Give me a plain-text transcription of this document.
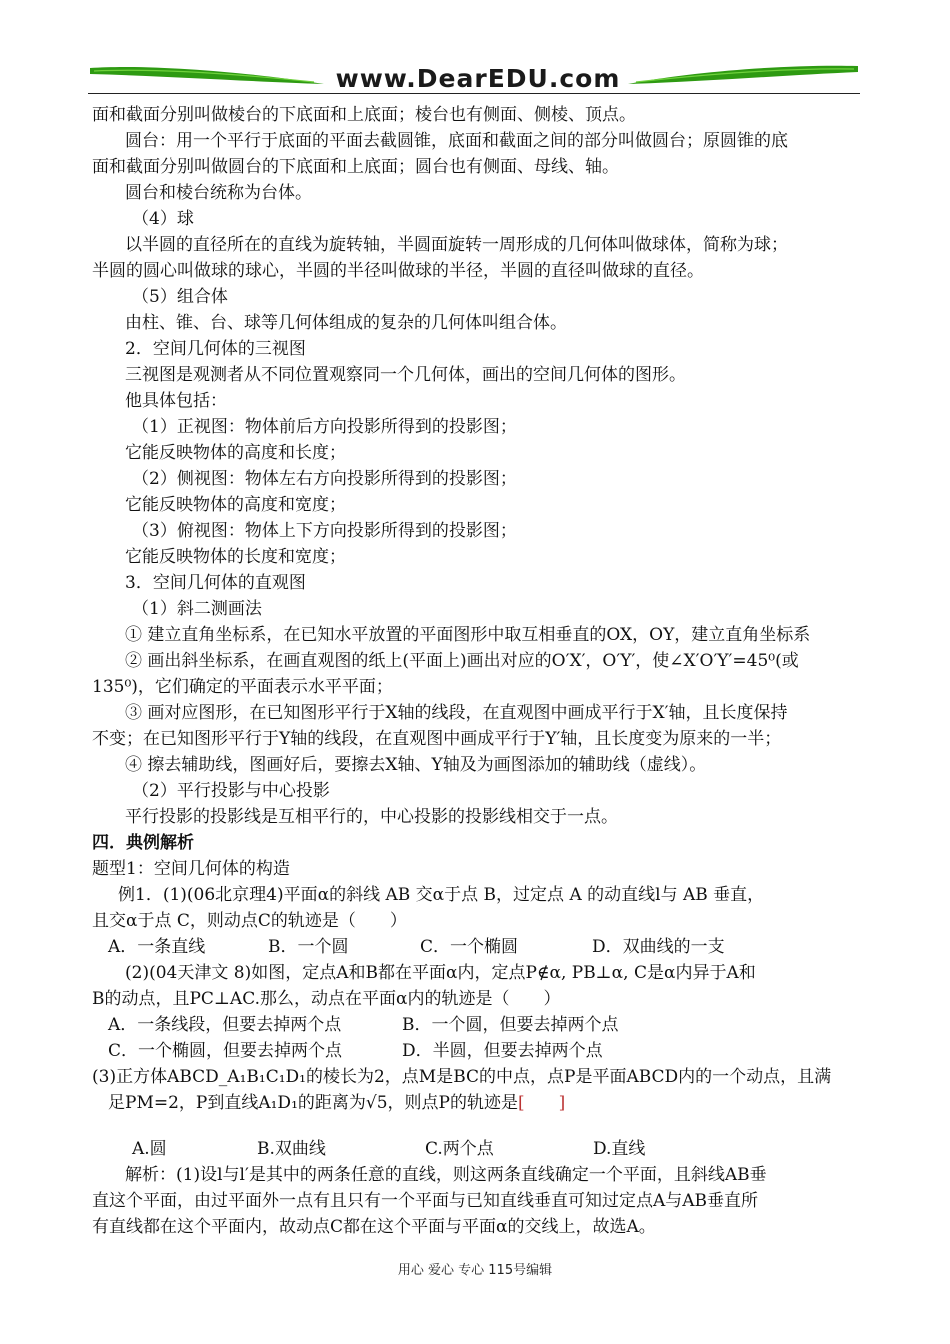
www.DearEDU.com
面和截面分别叫做棱台的下底面和上底面；棱台也有侧面、侧棱、顶点。
圆台：用一个平行于底面的平面去截圆锥，底面和截面之间的部分叫做圆台；原圆锥的底
面和截面分别叫做圆台的下底面和上底面；圆台也有侧面、母线、轴。
圆台和棱台统称为台体。
（4）球
以半圆的直径所在的直线为旋转轴，半圆面旋转一周形成的几何体叫做球体，简称为球；
半圆的圆心叫做球的球心，半圆的半径叫做球的半径，半圆的直径叫做球的直径。
（5）组合体
由柱、锥、台、球等几何体组成的复杂的几何体叫组合体。
2．空间几何体的三视图
三视图是观测者从不同位置观察同一个几何体，画出的空间几何体的图形。
他具体包括：
（1）正视图：物体前后方向投影所得到的投影图；
它能反映物体的高度和长度；
（2）侧视图：物体左右方向投影所得到的投影图；
它能反映物体的高度和宽度；
（3）俯视图：物体上下方向投影所得到的投影图；
它能反映物体的长度和宽度；
3．空间几何体的直观图
（1）斜二测画法
① 建立直角坐标系，在已知水平放置的平面图形中取互相垂直的OX，OY，建立直角坐标系
② 画出斜坐标系，在画直观图的纸上(平面上)画出对应的O′X′，O′Y′，使∠X′O′Y′=45⁰(或
135⁰)，它们确定的平面表示水平平面；
③ 画对应图形，在已知图形平行于X轴的线段，在直观图中画成平行于X′轴，且长度保持
不变；在已知图形平行于Y轴的线段，在直观图中画成平行于Y′轴，且长度变为原来的一半；
④ 擦去辅助线，图画好后，要擦去X轴、Y轴及为画图添加的辅助线（虚线）。
（2）平行投影与中心投影
平行投影的投影线是互相平行的，中心投影的投影线相交于一点。
四．典例解析
题型1：空间几何体的构造
例1．(1)(06北京理4)平面α的斜线 AB 交α于点 B，过定点 A 的动直线l与 AB 垂直，
且交α于点 C，则动点C的轨迹是（　　）
A．一条直线	B．一个圆	C．一个椭圆	D．双曲线的一支
(2)(04天津文 8)如图，定点A和B都在平面α内，定点P∉α, PB⊥α, C是α内异于A和
B的动点，且PC⊥AC.那么，动点在平面α内的轨迹是（　　）
A．一条线段，但要去掉两个点	B．一个圆，但要去掉两个点
C．一个椭圆，但要去掉两个点	D．半圆，但要去掉两个点
(3)正方体ABCD_A₁B₁C₁D₁的棱长为2，点M是BC的中点，点P是平面ABCD内的一个动点，且满
足PM=2，P到直线A₁D₁的距离为√5，则点P的轨迹是[　　]
A.圆	B.双曲线	C.两个点	D.直线
解析：(1)设l与l′是其中的两条任意的直线，则这两条直线确定一个平面，且斜线AB垂
直这个平面，由过平面外一点有且只有一个平面与已知直线垂直可知过定点A与AB垂直所
有直线都在这个平面内，故动点C都在这个平面与平面α的交线上，故选A。
用心 爱心 专心 115号编辑
